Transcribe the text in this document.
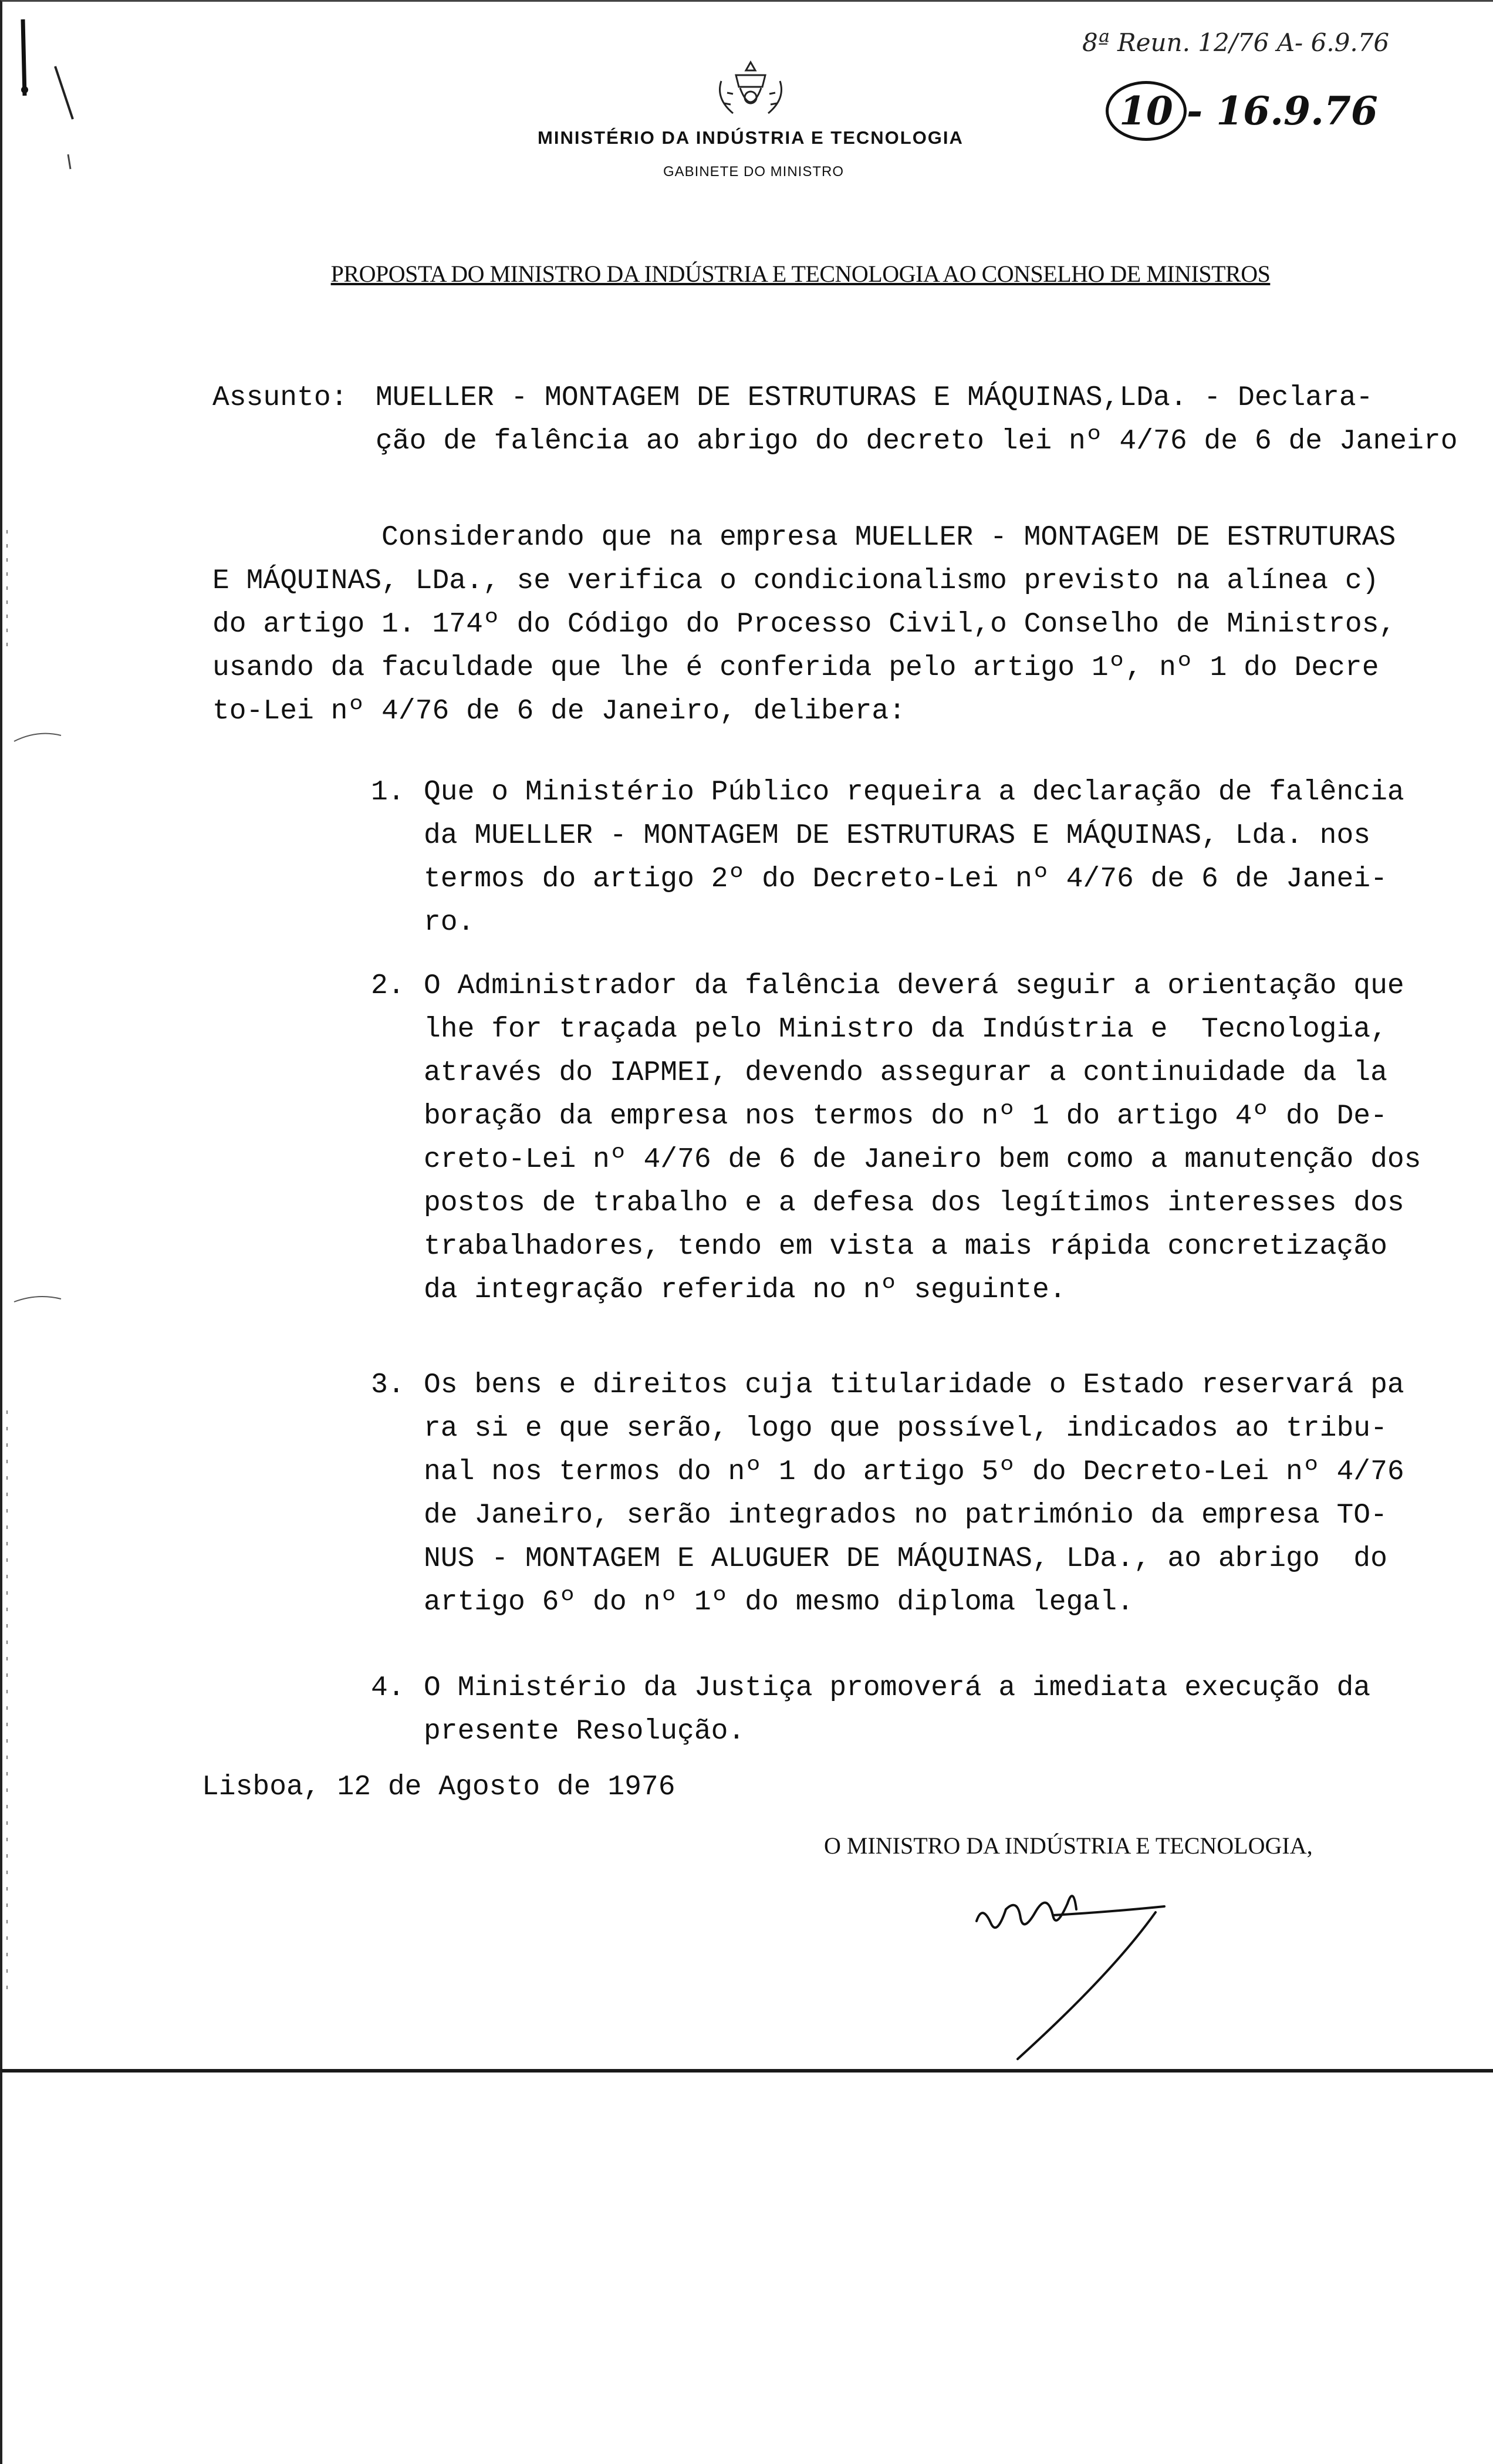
MINISTÉRIO DA INDÚSTRIA E TECNOLOGIA
GABINETE DO MINISTRO
8ª Reun. 12/76 A- 6.9.76
10 - 16.9.76
PROPOSTA DO MINISTRO DA INDÚSTRIA E TECNOLOGIA AO CONSELHO DE MINISTROS
Assunto: MUELLER - MONTAGEM DE ESTRUTURAS E MÁQUINAS,LDa. - Declara-
ção de falência ao abrigo do decreto lei nº 4/76 de 6 de Janeiro
Considerando que na empresa MUELLER - MONTAGEM DE ESTRUTURAS
E MÁQUINAS, LDa., se verifica o condicionalismo previsto na alínea c)
do artigo 1. 174º do Código do Processo Civil,o Conselho de Ministros,
usando da faculdade que lhe é conferida pelo artigo 1º, nº 1 do Decre
to-Lei nº 4/76 de 6 de Janeiro, delibera:
1. Que o Ministério Público requeira a declaração de falência
da MUELLER - MONTAGEM DE ESTRUTURAS E MÁQUINAS, Lda. nos
termos do artigo 2º do Decreto-Lei nº 4/76 de 6 de Janei-
ro.
2. O Administrador da falência deverá seguir a orientação que
lhe for traçada pelo Ministro da Indústria e  Tecnologia,
através do IAPMEI, devendo assegurar a continuidade da la
boração da empresa nos termos do nº 1 do artigo 4º do De-
creto-Lei nº 4/76 de 6 de Janeiro bem como a manutenção dos
postos de trabalho e a defesa dos legítimos interesses dos
trabalhadores, tendo em vista a mais rápida concretização
da integração referida no nº seguinte.
3. Os bens e direitos cuja titularidade o Estado reservará pa
ra si e que serão, logo que possível, indicados ao tribu-
nal nos termos do nº 1 do artigo 5º do Decreto-Lei nº 4/76
de Janeiro, serão integrados no património da empresa TO-
NUS - MONTAGEM E ALUGUER DE MÁQUINAS, LDa., ao abrigo  do
artigo 6º do nº 1º do mesmo diploma legal.
4. O Ministério da Justiça promoverá a imediata execução da
presente Resolução.
Lisboa, 12 de Agosto de 1976
O MINISTRO DA INDÚSTRIA E TECNOLOGIA,
